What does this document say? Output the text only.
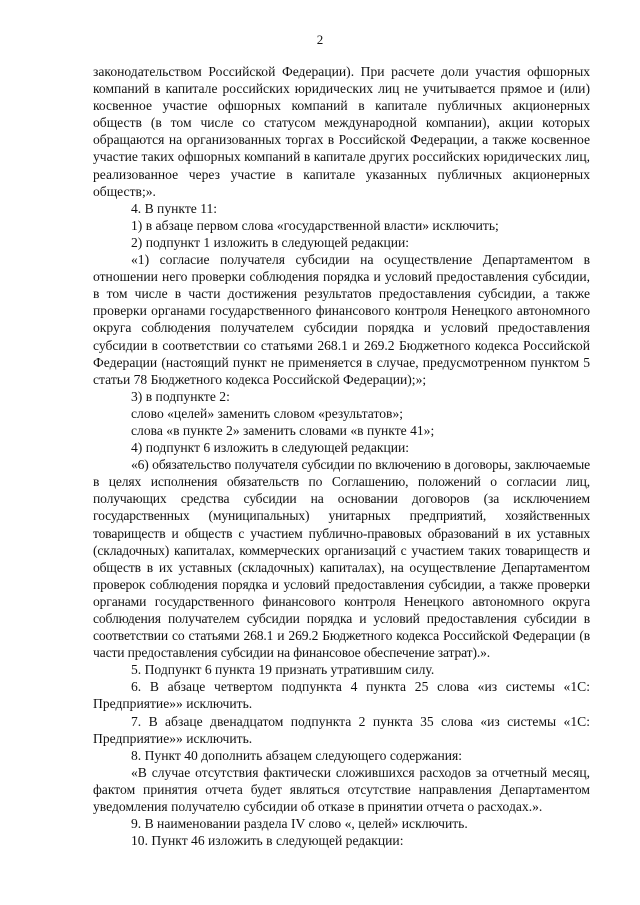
2

законодательством Российской Федерации). При расчете доли участия офшорных компаний в капитале российских юридических лиц не учитывается прямое и (или) косвенное участие офшорных компаний в капитале публичных акционерных обществ (в том числе со статусом международной компании), акции которых обращаются на организованных торгах в Российской Федерации, а также косвенное участие таких офшорных компаний в капитале других российских юридических лиц, реализованное через участие в капитале указанных публичных акционерных обществ;».

4. В пункте 11:

1) в абзаце первом слова «государственной власти» исключить;

2) подпункт 1 изложить в следующей редакции:

«1) согласие получателя субсидии на осуществление Департаментом в отношении него проверки соблюдения порядка и условий предоставления субсидии, в том числе в части достижения результатов предоставления субсидии, а также проверки органами государственного финансового контроля Ненецкого автономного округа соблюдения получателем субсидии порядка и условий предоставления субсидии в соответствии со статьями 268.1 и 269.2 Бюджетного кодекса Российской Федерации (настоящий пункт не применяется в случае, предусмотренном пунктом 5 статьи 78 Бюджетного кодекса Российской Федерации);»;

3) в подпункте 2:

слово «целей» заменить словом «результатов»;

слова «в пункте 2» заменить словами «в пункте 41»;

4) подпункт 6 изложить в следующей редакции:

«6) обязательство получателя субсидии по включению в договоры, заключаемые в целях исполнения обязательств по Соглашению, положений о согласии лиц, получающих средства субсидии на основании договоров (за исключением государственных (муниципальных) унитарных предприятий, хозяйственных товариществ и обществ с участием публично-правовых образований в их уставных (складочных) капиталах, коммерческих организаций с участием таких товариществ и обществ в их уставных (складочных) капиталах), на осуществление Департаментом проверок соблюдения порядка и условий предоставления субсидии, а также проверки органами государственного финансового контроля Ненецкого автономного округа соблюдения получателем субсидии порядка и условий предоставления субсидии в соответствии со статьями 268.1 и 269.2 Бюджетного кодекса Российской Федерации (в части предоставления субсидии на финансовое обеспечение затрат).».

5. Подпункт 6 пункта 19 признать утратившим силу.

6. В абзаце четвертом подпункта 4 пункта 25 слова «из системы «1С: Предприятие»» исключить.

7. В абзаце двенадцатом подпункта 2 пункта 35 слова «из системы «1С: Предприятие»» исключить.

8. Пункт 40 дополнить абзацем следующего содержания:

«В случае отсутствия фактически сложившихся расходов за отчетный месяц, фактом принятия отчета будет являться отсутствие направления Департаментом уведомления получателю субсидии об отказе в принятии отчета о расходах.».

9. В наименовании раздела IV слово «, целей» исключить.

10. Пункт 46 изложить в следующей редакции:
